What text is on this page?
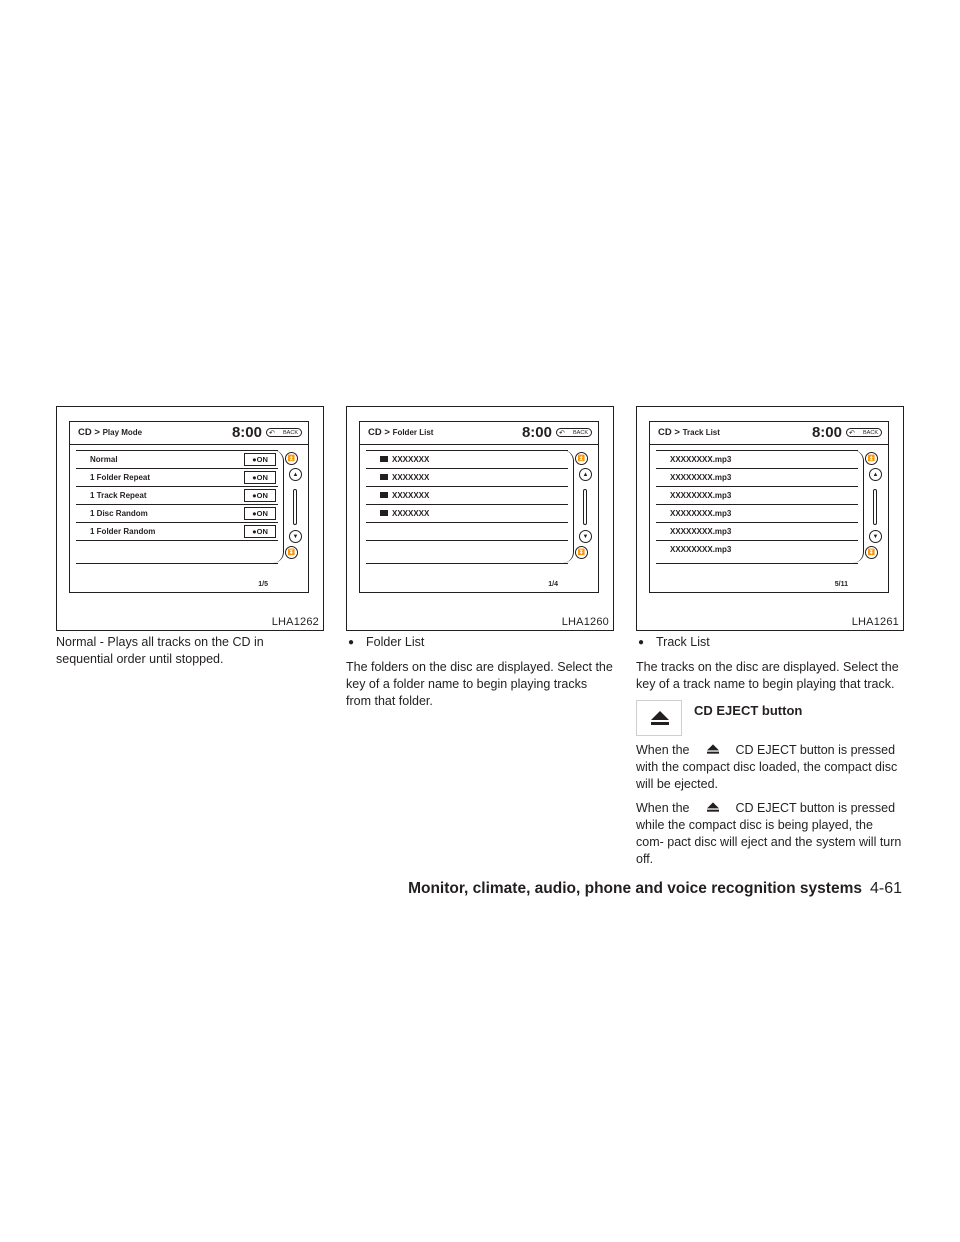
CD > Play Mode	8:00 ↶ BACK
Normal	●ON
1 Folder Repeat	●ON
1 Track Repeat	●ON
1 Disc Random	●ON
1 Folder Random	●ON
⏫
▲
▼
⏬
1/5
LHA1262
CD > Folder List	8:00 ↶ BACK
XXXXXXX
XXXXXXX
XXXXXXX
XXXXXXX
⏫
▲
▼
⏬
1/4
LHA1260
CD > Track List	8:00 ↶ BACK
XXXXXXXX.mp3
XXXXXXXX.mp3
XXXXXXXX.mp3
XXXXXXXX.mp3
XXXXXXXX.mp3
XXXXXXXX.mp3
⏫
▲
▼
⏬
5/11
LHA1261

Normal - Plays all tracks on the CD in sequential order until stopped.

● Folder List

The folders on the disc are displayed. Select the key of a folder name to begin playing tracks from that folder.

● Track List

The tracks on the disc are displayed. Select the key of a track name to begin playing that track.

CD EJECT button

When the	CD EJECT button is pressed with the compact disc loaded, the compact disc will be ejected.

When the	CD EJECT button is pressed while the compact disc is being played, the com- pact disc will eject and the system will turn off.

Monitor, climate, audio, phone and voice recognition systems 4-61
